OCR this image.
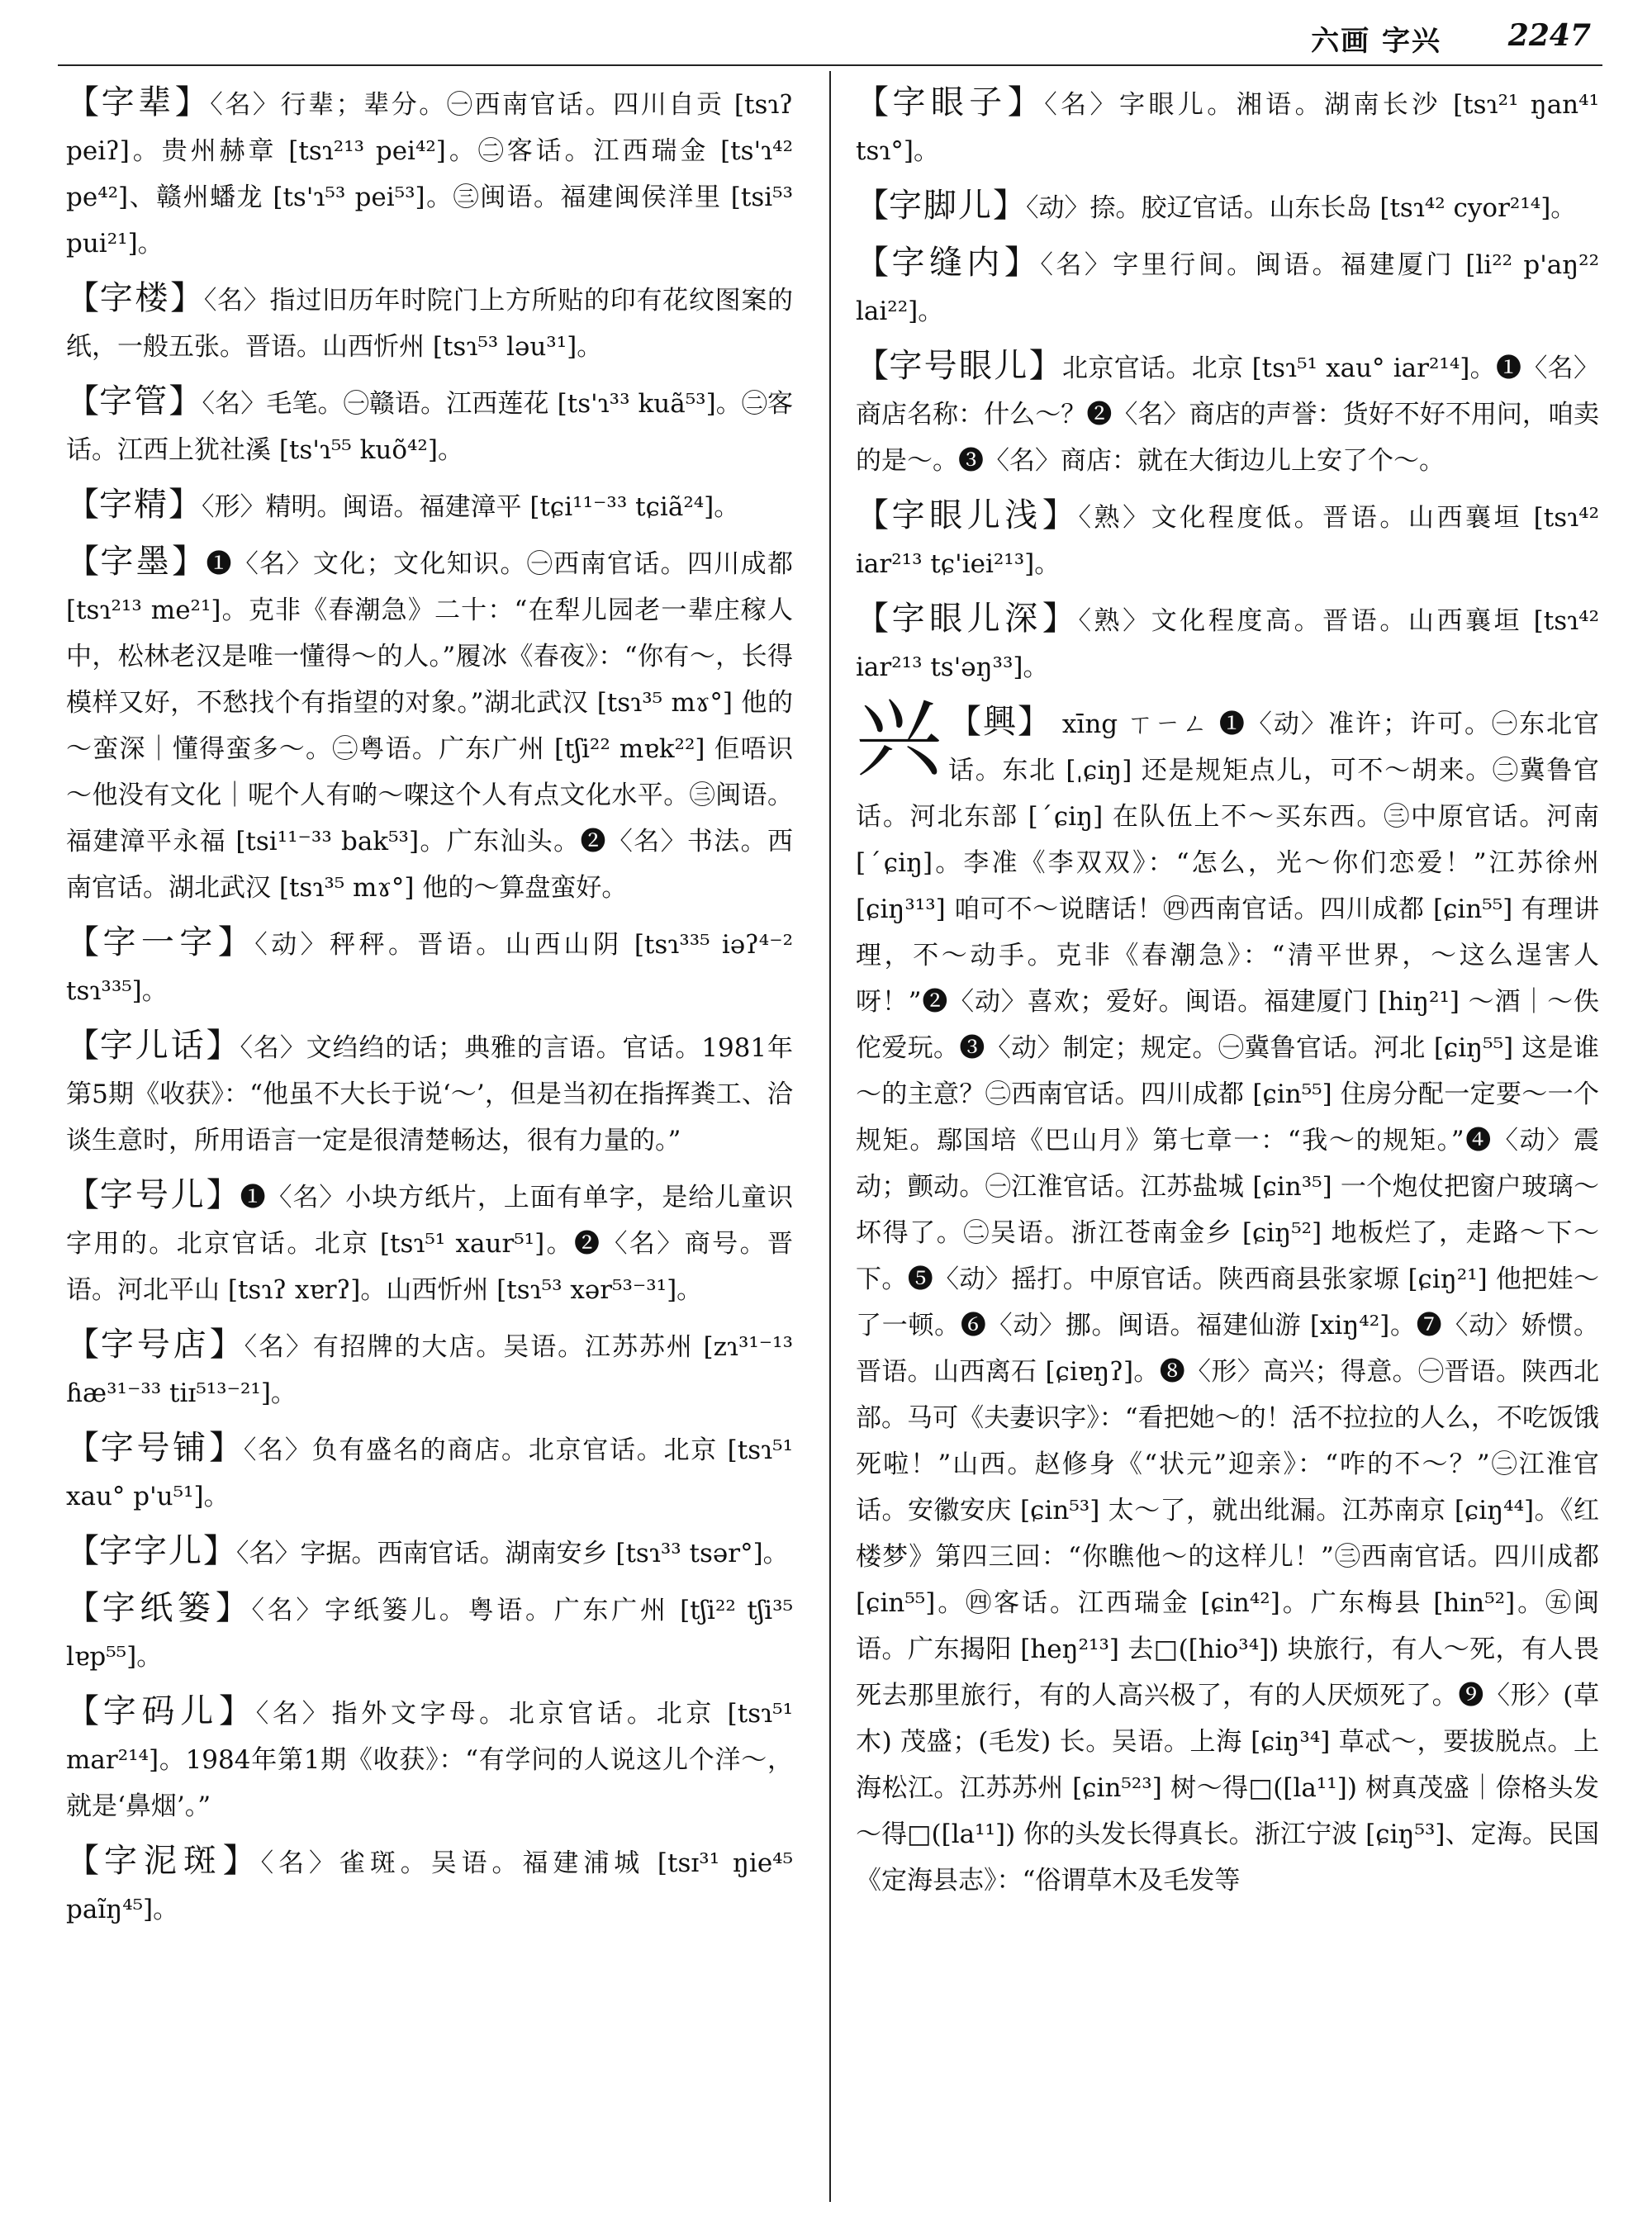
六画 字兴 2247
【字辈】〈名〉行辈；辈分。㊀西南官话。四川自贡 [tsɿʔ peiʔ]。贵州赫章 [tsɿ²¹³ pei⁴²]。㊁客话。江西瑞金 [ts'ɿ⁴² pe⁴²]、赣州蟠龙 [ts'ɿ⁵³ pei⁵³]。㊂闽语。福建闽侯洋里 [tsi⁵³ pui²¹]。
【字楼】〈名〉指过旧历年时院门上方所贴的印有花纹图案的纸，一般五张。晋语。山西忻州 [tsɿ⁵³ ləu³¹]。
【字管】〈名〉毛笔。㊀赣语。江西莲花 [ts'ɿ³³ kuã⁵³]。㊁客话。江西上犹社溪 [ts'ɿ⁵⁵ kuõ⁴²]。
【字精】〈形〉精明。闽语。福建漳平 [tɕi¹¹⁻³³ tɕiã²⁴]。
【字墨】❶〈名〉文化；文化知识。㊀西南官话。四川成都 [tsɿ²¹³ me²¹]。克非《春潮急》二十：“在犁儿园老一辈庄稼人中，松林老汉是唯一懂得～的人。”履冰《春夜》：“你有～，长得模样又好，不愁找个有指望的对象。”湖北武汉 [tsɿ³⁵ mɤ°] 他的～蛮深｜懂得蛮多～。㊁粤语。广东广州 [tʃi²² mɐk²²] 佢唔识～他没有文化｜呢个人有啲～㗎这个人有点文化水平。㊂闽语。福建漳平永福 [tsi¹¹⁻³³ bak⁵³]。广东汕头。❷〈名〉书法。西南官话。湖北武汉 [tsɿ³⁵ mɤ°] 他的～算盘蛮好。
【字一字】〈动〉秤秤。晋语。山西山阴 [tsɿ³³⁵ iəʔ⁴⁻² tsɿ³³⁵]。
【字儿话】〈名〉文绉绉的话；典雅的言语。官话。1981年第5期《收获》：“他虽不大长于说‘～’，但是当初在指挥粪工、洽谈生意时，所用语言一定是很清楚畅达，很有力量的。”
【字号儿】❶〈名〉小块方纸片，上面有单字，是给儿童识字用的。北京官话。北京 [tsɿ⁵¹ xaur⁵¹]。❷〈名〉商号。晋语。河北平山 [tsɿʔ xɐrʔ]。山西忻州 [tsɿ⁵³ xər⁵³⁻³¹]。
【字号店】〈名〉有招牌的大店。吴语。江苏苏州 [zɿ³¹⁻¹³ ɦæ³¹⁻³³ tiɪ⁵¹³⁻²¹]。
【字号铺】〈名〉负有盛名的商店。北京官话。北京 [tsɿ⁵¹ xau° p'u⁵¹]。
【字字儿】〈名〉字据。西南官话。湖南安乡 [tsɿ³³ tsər°]。
【字纸篓】〈名〉字纸篓儿。粤语。广东广州 [tʃi²² tʃi³⁵ lɐp⁵⁵]。
【字码儿】〈名〉指外文字母。北京官话。北京 [tsɿ⁵¹ mar²¹⁴]。1984年第1期《收获》：“有学问的人说这儿个洋～，就是‘鼻烟’。”
【字泥斑】〈名〉雀斑。吴语。福建浦城 [tsɪ³¹ ŋie⁴⁵ paĩŋ⁴⁵]。
【字眼子】〈名〉字眼儿。湘语。湖南长沙 [tsɿ²¹ ŋan⁴¹ tsɿ°]。
【字脚儿】〈动〉捺。胶辽官话。山东长岛 [tsɿ⁴² cyor²¹⁴]。
【字缝内】〈名〉字里行间。闽语。福建厦门 [li²² p'aŋ²² lai²²]。
【字号眼儿】北京官话。北京 [tsɿ⁵¹ xau° iar²¹⁴]。❶〈名〉商店名称：什么～？❷〈名〉商店的声誉：货好不好不用问，咱卖的是～。❸〈名〉商店：就在大街边儿上安了个～。
【字眼儿浅】〈熟〉文化程度低。晋语。山西襄垣 [tsɿ⁴² iar²¹³ tɕ'iei²¹³]。
【字眼儿深】〈熟〉文化程度高。晋语。山西襄垣 [tsɿ⁴² iar²¹³ ts'əŋ³³]。
兴 【興】 xīng ㄒㄧㄥ ❶〈动〉准许；许可。㊀东北官话。东北 [ˌɕiŋ] 还是规矩点儿，可不～胡来。㊁冀鲁官话。河北东部 [ˊɕiŋ] 在队伍上不～买东西。㊂中原官话。河南 [ˊɕiŋ]。李准《李双双》：“怎么，光～你们恋爱！”江苏徐州 [ɕiŋ³¹³] 咱可不～说瞎话！㊃西南官话。四川成都 [ɕin⁵⁵] 有理讲理，不～动手。克非《春潮急》：“清平世界，～这么逞害人呀！”❷〈动〉喜欢；爱好。闽语。福建厦门 [hiŋ²¹] ～酒｜～佚佗爱玩。❸〈动〉制定；规定。㊀冀鲁官话。河北 [ɕiŋ⁵⁵] 这是谁～的主意？㊁西南官话。四川成都 [ɕin⁵⁵] 住房分配一定要～一个规矩。鄢国培《巴山月》第七章一：“我～的规矩。”❹〈动〉震动；颤动。㊀江淮官话。江苏盐城 [ɕin³⁵] 一个炮仗把窗户玻璃～坏得了。㊁吴语。浙江苍南金乡 [ɕiŋ⁵²] 地板烂了，走路～下～下。❺〈动〉摇打。中原官话。陕西商县张家塬 [ɕiŋ²¹] 他把娃～了一顿。❻〈动〉挪。闽语。福建仙游 [xiŋ⁴²]。❼〈动〉娇惯。晋语。山西离石 [ɕiɐŋʔ]。❽〈形〉高兴；得意。㊀晋语。陕西北部。马可《夫妻识字》：“看把她～的！活不拉拉的人么，不吃饭饿死啦！”山西。赵修身《“状元”迎亲》：“咋的不～？”㊁江淮官话。安徽安庆 [ɕin⁵³] 太～了，就出纰漏。江苏南京 [ɕiŋ⁴⁴]。《红楼梦》第四三回：“你瞧他～的这样儿！”㊂西南官话。四川成都 [ɕin⁵⁵]。㊃客话。江西瑞金 [ɕin⁴²]。广东梅县 [hin⁵²]。㊄闽语。广东揭阳 [heŋ²¹³] 去□([hio³⁴]) 块旅行，有人～死，有人畏死去那里旅行，有的人高兴极了，有的人厌烦死了。❾〈形〉(草木) 茂盛；(毛发) 长。吴语。上海 [ɕiŋ³⁴] 草忒～，要拔脱点。上海松江。江苏苏州 [ɕin⁵²³] 树～得□([la¹¹]) 树真茂盛｜倷格头发～得□([la¹¹]) 你的头发长得真长。浙江宁波 [ɕiŋ⁵³]、定海。民国《定海县志》：“俗谓草木及毛发等
